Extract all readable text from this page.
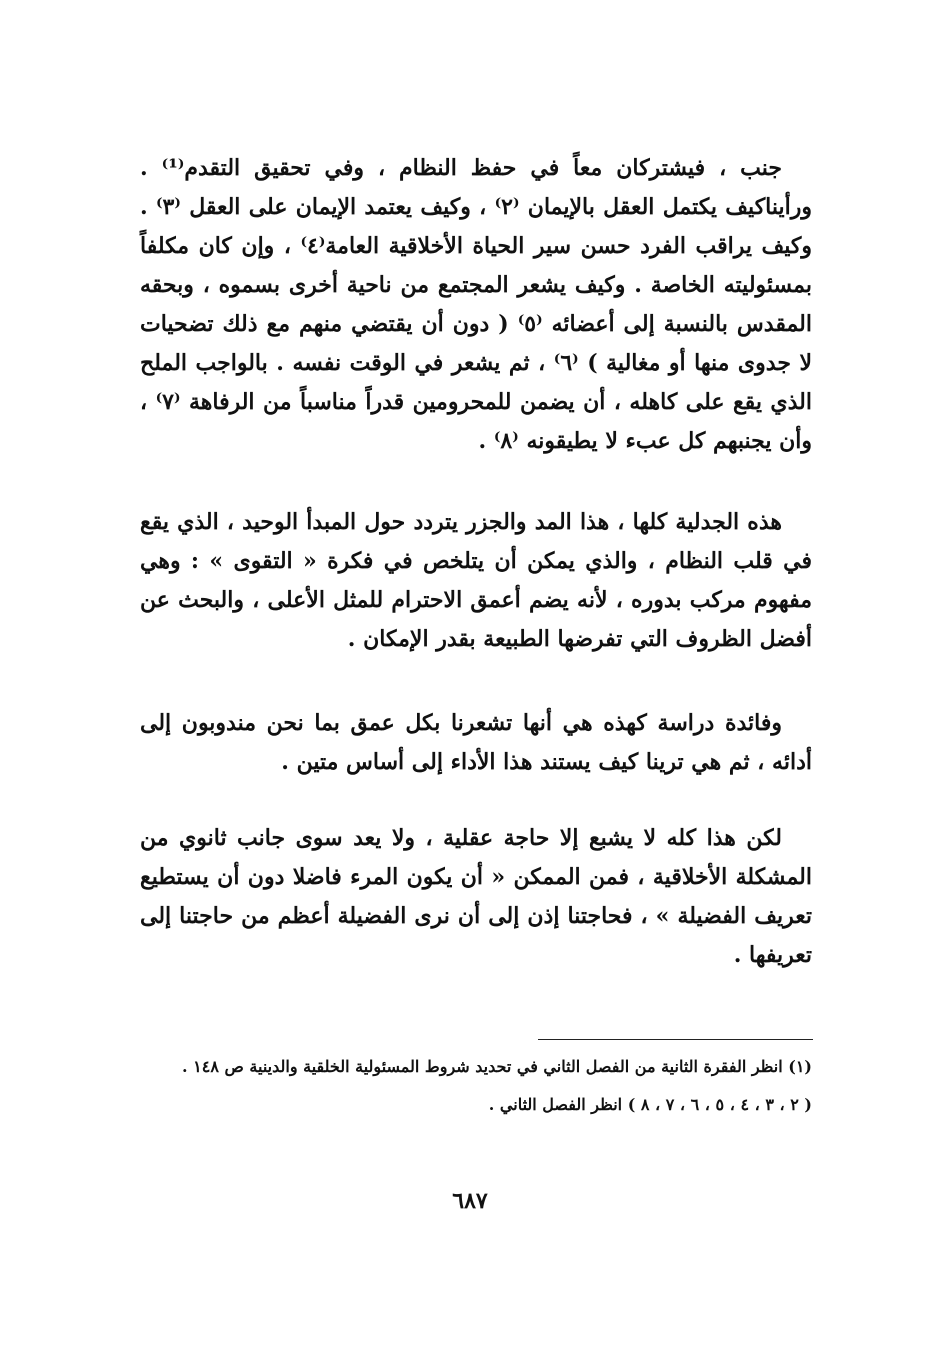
جنب ، فيشتركان معاً في حفظ النظام ، وفي تحقيق التقدم⁽¹⁾ . ورأيناكيف يكتمل العقل بالإيمان ⁽٢⁾ ، وكيف يعتمد الإيمان على العقل ⁽٣⁾ . وكيف يراقب الفرد حسن سير الحياة الأخلاقية العامة⁽٤⁾ ، وإن كان مكلفاً بمسئوليته الخاصة . وكيف يشعر المجتمع من ناحية أخرى بسموه ، وبحقه المقدس بالنسبة إلى أعضائه ⁽٥⁾ ( دون أن يقتضي منهم مع ذلك تضحيات لا جدوى منها أو مغالية ) ⁽٦⁾ ، ثم يشعر في الوقت نفسه . بالواجب الملح الذي يقع على كاهله ، أن يضمن للمحرومين قدراً مناسباً من الرفاهة ⁽٧⁾ ، وأن يجنبهم كل عبء لا يطيقونه ⁽٨⁾ .

هذه الجدلية كلها ، هذا المد والجزر يتردد حول المبدأ الوحيد ، الذي يقع في قلب النظام ، والذي يمكن أن يتلخص في فكرة « التقوى » : وهي مفهوم مركب بدوره ، لأنه يضم أعمق الاحترام للمثل الأعلى ، والبحث عن أفضل الظروف التي تفرضها الطبيعة بقدر الإمكان .

وفائدة دراسة كهذه هي أنها تشعرنا بكل عمق بما نحن مندوبون إلى أدائه ، ثم هي ترينا كيف يستند هذا الأداء إلى أساس متين .

لكن هذا كله لا يشبع إلا حاجة عقلية ، ولا يعد سوى جانب ثانوي من المشكلة الأخلاقية ، فمن الممكن « أن يكون المرء فاضلا دون أن يستطيع تعريف الفضيلة » ، فحاجتنا إذن إلى أن نرى الفضيلة أعظم من حاجتنا إلى تعريفها .

(١) انظر الفقرة الثانية من الفصل الثاني في تحديد شروط المسئولية الخلقية والدينية ص ١٤٨ .

( ٢ ، ٣ ، ٤ ، ٥ ، ٦ ، ٧ ، ٨ ) انظر الفصل الثاني .

٦٨٧
